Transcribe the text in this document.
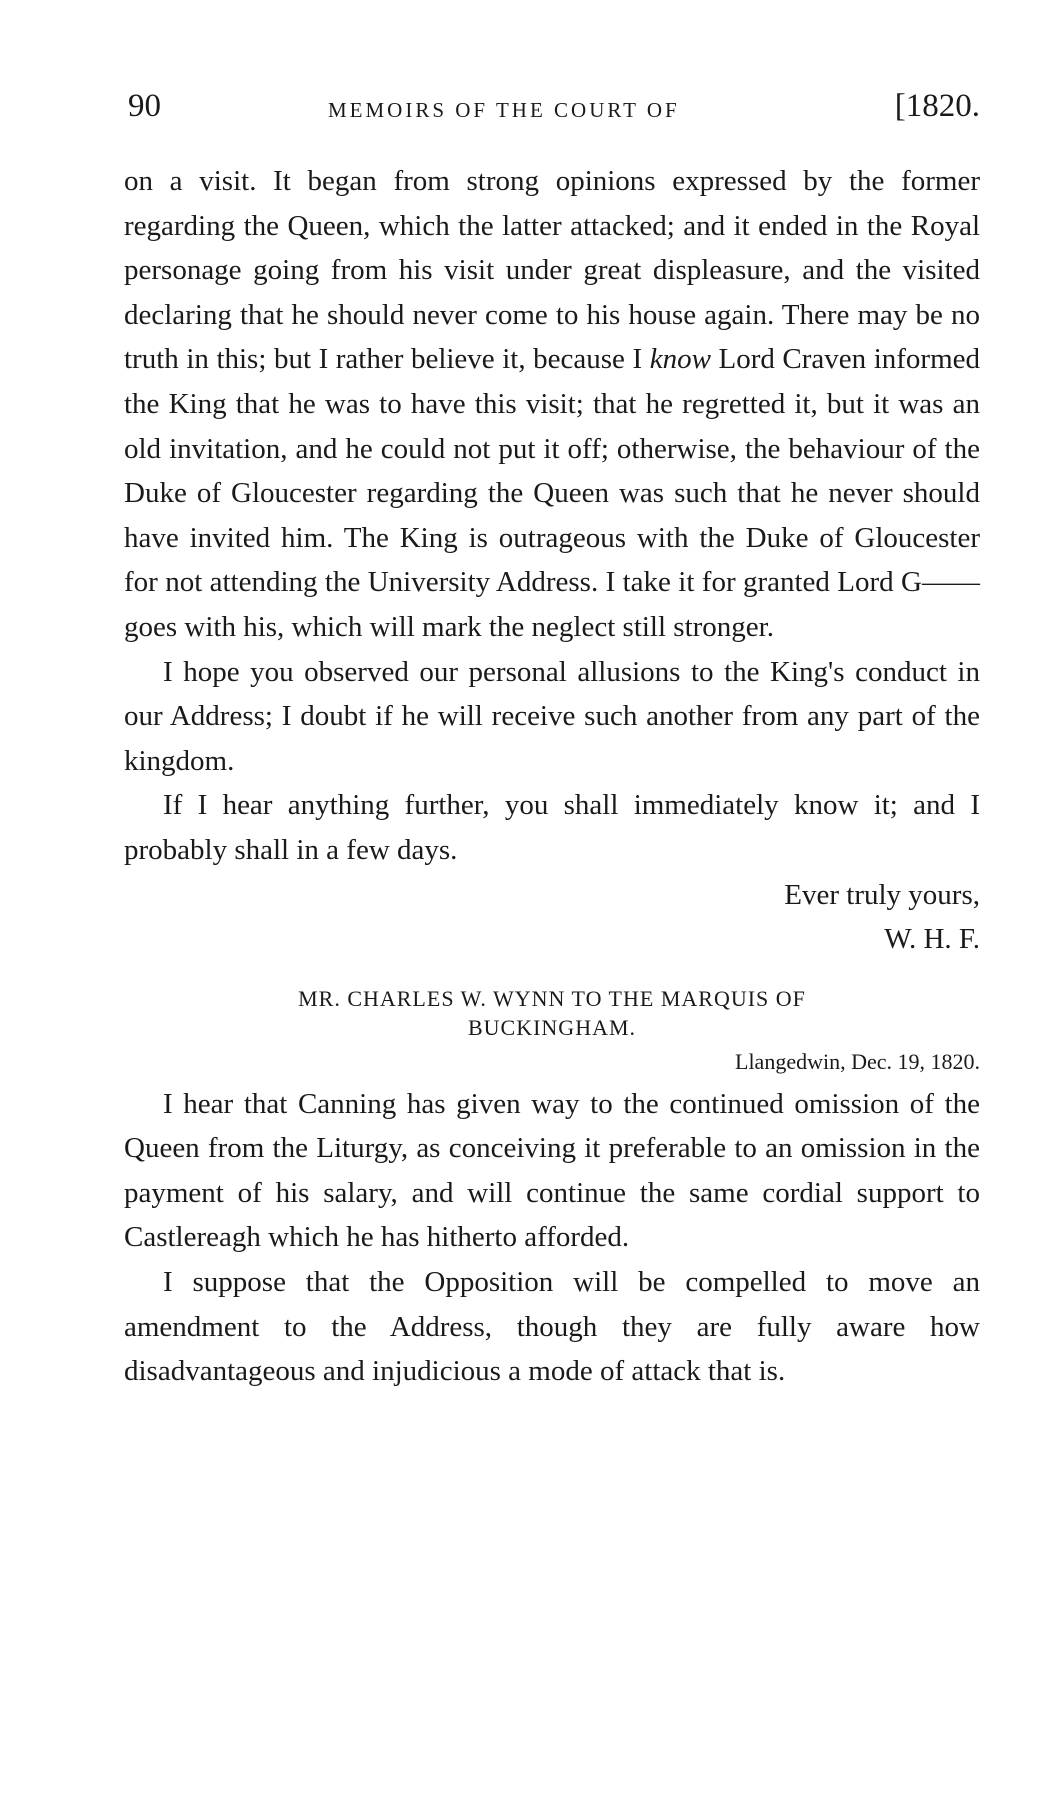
90	MEMOIRS OF THE COURT OF	[1820.

on a visit. It began from strong opinions expressed by the former regarding the Queen, which the latter attacked; and it ended in the Royal personage going from his visit under great displeasure, and the visited declaring that he should never come to his house again. There may be no truth in this; but I rather believe it, because I know Lord Craven informed the King that he was to have this visit; that he regretted it, but it was an old invitation, and he could not put it off; otherwise, the behaviour of the Duke of Gloucester regarding the Queen was such that he never should have invited him. The King is outrageous with the Duke of Gloucester for not attending the University Address. I take it for granted Lord G—— goes with his, which will mark the neglect still stronger.

I hope you observed our personal allusions to the King's conduct in our Address; I doubt if he will receive such another from any part of the kingdom.

If I hear anything further, you shall immediately know it; and I probably shall in a few days.

Ever truly yours,

W. H. F.

MR. CHARLES W. WYNN TO THE MARQUIS OF
BUCKINGHAM.

Llangedwin, Dec. 19, 1820.

I hear that Canning has given way to the continued omission of the Queen from the Liturgy, as conceiving it preferable to an omission in the payment of his salary, and will continue the same cordial support to Castlereagh which he has hitherto afforded.

I suppose that the Opposition will be compelled to move an amendment to the Address, though they are fully aware how disadvantageous and injudicious a mode of attack that is.
